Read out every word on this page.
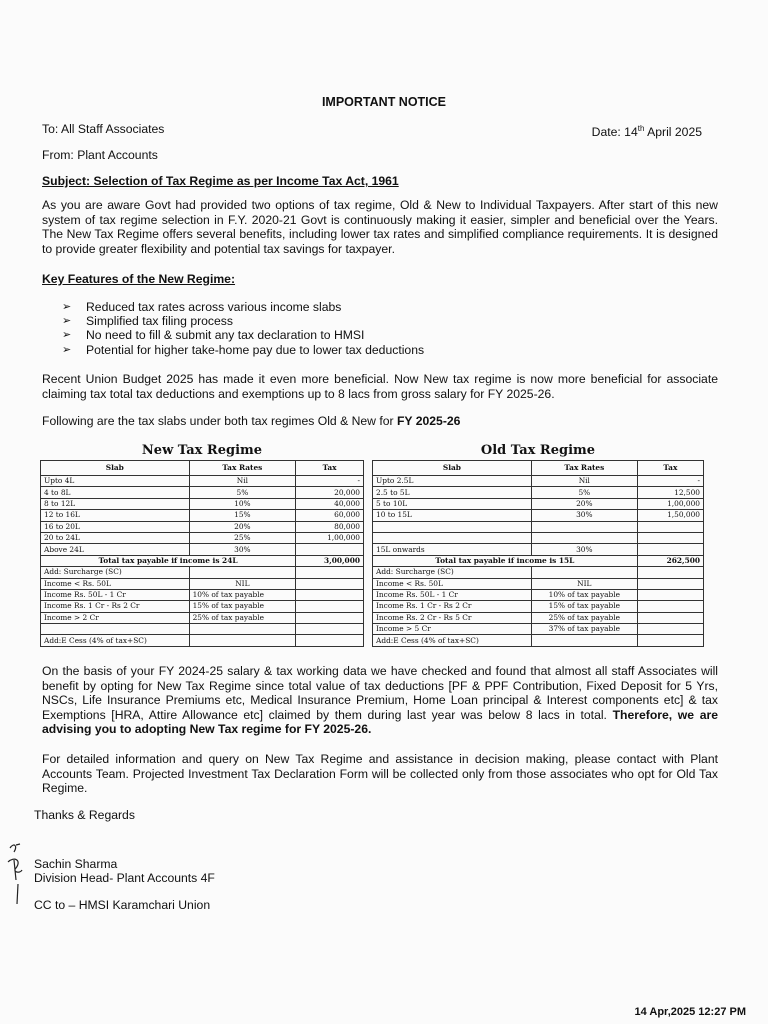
IMPORTANT NOTICE
To: All Staff Associates	Date: 14th April 2025
From: Plant Accounts
Subject: Selection of Tax Regime as per Income Tax Act, 1961
As you are aware Govt had provided two options of tax regime, Old & New to Individual Taxpayers. After start of this new system of tax regime selection in F.Y. 2020-21 Govt is continuously making it easier, simpler and beneficial over the Years. The New Tax Regime offers several benefits, including lower tax rates and simplified compliance requirements. It is designed to provide greater flexibility and potential tax savings for taxpayer.
Key Features of the New Regime:
➢ Reduced tax rates across various income slabs
➢ Simplified tax filing process
➢ No need to fill & submit any tax declaration to HMSI
➢ Potential for higher take-home pay due to lower tax deductions
Recent Union Budget 2025 has made it even more beneficial. Now New tax regime is now more beneficial for associate claiming tax total tax deductions and exemptions up to 8 lacs from gross salary for FY 2025-26.
Following are the tax slabs under both tax regimes Old & New for FY 2025-26
New Tax Regime
Slab	Tax Rates	Tax
Upto 4L	Nil	-
4 to 8L	5%	20,000
8 to 12L	10%	40,000
12 to 16L	15%	60,000
16 to 20L	20%	80,000
20 to 24L	25%	1,00,000
Above 24L	30%	
Total tax payable if income is 24L		3,00,000
Add: Surcharge (SC)		
Income < Rs. 50L	NIL	
Income Rs. 50L - 1 Cr	10% of tax payable	
Income Rs. 1 Cr - Rs 2 Cr	15% of tax payable	
Income > 2 Cr	25% of tax payable	

Add:E Cess (4% of tax+SC)		
Old Tax Regime
Slab	Tax Rates	Tax
Upto 2.5L	Nil	-
2.5 to 5L	5%	12,500
5 to 10L	20%	1,00,000
10 to 15L	30%	1,50,000

15L onwards	30%	
Total tax payable if income is 15L		262,500
Add: Surcharge (SC)		
Income < Rs. 50L	NIL	
Income Rs. 50L - 1 Cr	10% of tax payable	
Income Rs. 1 Cr - Rs 2 Cr	15% of tax payable	
Income Rs. 2 Cr - Rs 5 Cr	25% of tax payable	
Income > 5 Cr	37% of tax payable	
Add:E Cess (4% of tax+SC)		
On the basis of your FY 2024-25 salary & tax working data we have checked and found that almost all staff Associates will benefit by opting for New Tax Regime since total value of tax deductions [PF & PPF Contribution, Fixed Deposit for 5 Yrs, NSCs, Life Insurance Premiums etc, Medical Insurance Premium, Home Loan principal & Interest components etc] & tax Exemptions [HRA, Attire Allowance etc] claimed by them during last year was below 8 lacs in total. Therefore, we are advising you to adopting New Tax regime for FY 2025-26.
For detailed information and query on New Tax Regime and assistance in decision making, please contact with Plant Accounts Team. Projected Investment Tax Declaration Form will be collected only from those associates who opt for Old Tax Regime.
Thanks & Regards
Sachin Sharma
Division Head- Plant Accounts 4F
CC to – HMSI Karamchari Union
14 Apr,2025 12:27 PM
